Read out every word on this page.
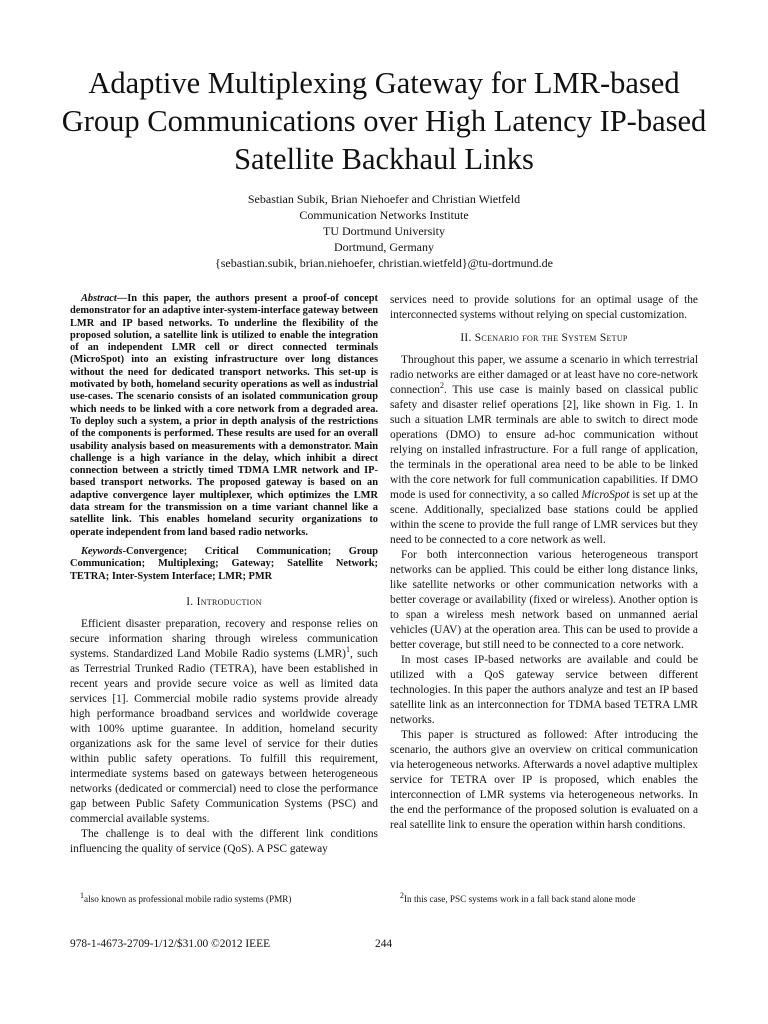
Adaptive Multiplexing Gateway for LMR-based
Group Communications over High Latency IP-based
Satellite Backhaul Links
Sebastian Subik, Brian Niehoefer and Christian Wietfeld
Communication Networks Institute
TU Dortmund University
Dortmund, Germany
{sebastian.subik, brian.niehoefer, christian.wietfeld}@tu-dortmund.de

Abstract—In this paper, the authors present a proof-of concept demonstrator for an adaptive inter-system-interface gateway between LMR and IP based networks. To underline the flexibility of the proposed solution, a satellite link is utilized to enable the integration of an independent LMR cell or direct connected terminals (MicroSpot) into an existing infrastructure over long distances without the need for dedicated transport networks. This set-up is motivated by both, homeland security operations as well as industrial use-cases. The scenario consists of an isolated communication group which needs to be linked with a core network from a degraded area. To deploy such a system, a prior in depth analysis of the restrictions of the components is performed. These results are used for an overall usability analysis based on measurements with a demonstrator. Main challenge is a high variance in the delay, which inhibit a direct connection between a strictly timed TDMA LMR network and IP-based transport networks. The proposed gateway is based on an adaptive convergence layer multiplexer, which optimizes the LMR data stream for the transmission on a time variant channel like a satellite link. This enables homeland security organizations to operate independent from land based radio networks.

Keywords-Convergence; Critical Communication; Group Communication; Multiplexing; Gateway; Satellite Network; TETRA; Inter-System Interface; LMR; PMR

I. Introduction

Efficient disaster preparation, recovery and response relies on secure information sharing through wireless communication systems. Standardized Land Mobile Radio systems (LMR)$^1$, such as Terrestrial Trunked Radio (TETRA), have been established in recent years and provide secure voice as well as limited data services [1]. Commercial mobile radio systems provide already high performance broadband services and worldwide coverage with 100% uptime guarantee. In addition, homeland security organizations ask for the same level of service for their duties within public safety operations. To fulfill this requirement, intermediate systems based on gateways between heterogeneous networks (dedicated or commercial) need to close the performance gap between Public Safety Communication Systems (PSC) and commercial available systems.

The challenge is to deal with the different link conditions influencing the quality of service (QoS). A PSC gateway

services need to provide solutions for an optimal usage of the interconnected systems without relying on special customization.

II. Scenario for the System Setup

Throughout this paper, we assume a scenario in which terrestrial radio networks are either damaged or at least have no core-network connection$^2$. This use case is mainly based on classical public safety and disaster relief operations [2], like shown in Fig. 1. In such a situation LMR terminals are able to switch to direct mode operations (DMO) to ensure ad-hoc communication without relying on installed infrastructure. For a full range of application, the terminals in the operational area need to be able to be linked with the core network for full communication capabilities. If DMO mode is used for connectivity, a so called MicroSpot is set up at the scene. Additionally, specialized base stations could be applied within the scene to provide the full range of LMR services but they need to be connected to a core network as well.

For both interconnection various heterogeneous transport networks can be applied. This could be either long distance links, like satellite networks or other communication networks with a better coverage or availability (fixed or wireless). Another option is to span a wireless mesh network based on unmanned aerial vehicles (UAV) at the operation area. This can be used to provide a better coverage, but still need to be connected to a core network.

In most cases IP-based networks are available and could be utilized with a QoS gateway service between different technologies. In this paper the authors analyze and test an IP based satellite link as an interconnection for TDMA based TETRA LMR networks.

This paper is structured as followed: After introducing the scenario, the authors give an overview on critical communication via heterogeneous networks. Afterwards a novel adaptive multiplex service for TETRA over IP is proposed, which enables the interconnection of LMR systems via heterogeneous networks. In the end the performance of the proposed solution is evaluated on a real satellite link to ensure the operation within harsh conditions.

$^1$also known as professional mobile radio systems (PMR)	$^2$In this case, PSC systems work in a fall back stand alone mode
978-1-4673-2709-1/12/$31.00 ©2012 IEEE	244
